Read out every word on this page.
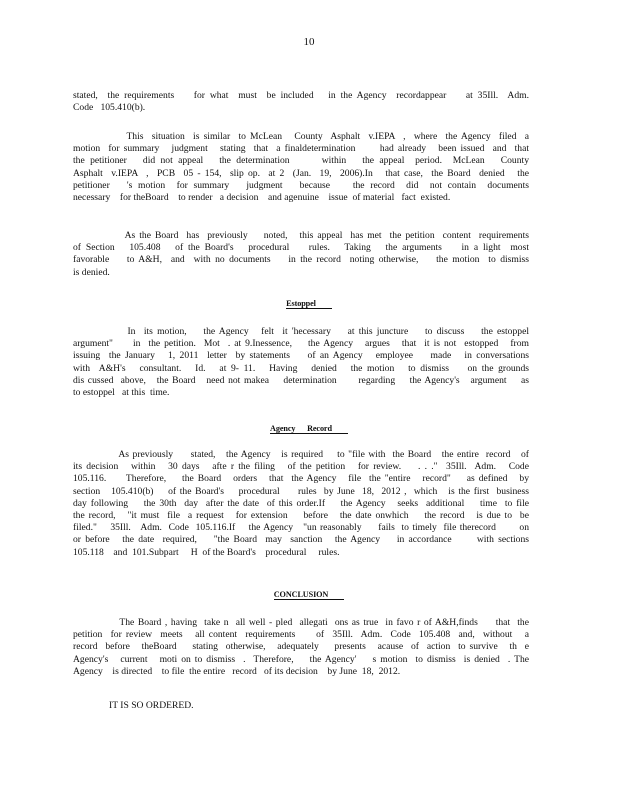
10
stated,  the requirements    for what  must  be included   in the Agency  recordappear    at 35Ill.  Adm.
Code   105.410(b).
This  situation  is similar  to McLean   County  Asphalt  v.IEPA  ,  where  the Agency  filed  a
motion  for summary   judgment   stating  that  a finaldetermination      had already   been issued  and  that
the petitioner   did not appeal   the determination      within   the appeal  period.  McLean   County
Asphalt  v.IEPA  ,  PCB  05 - 154,  slip op.  at 2  (Jan.  19,  2006).In   that case,  the Board  denied   the
petitioner   's motion  for summary   judgment   because    the record  did  not contain  documents
necessary    for theBoard    to render   a decision    and agenuine    issue  of material   fact  existed.
As the Board  has  previously    noted,   this appeal  has met  the petition  content  requirements
of Section   105.408   of the Board's   procedural    rules.   Taking   the arguments    in a light  most
favorable    to A&H,  and  with no documents    in the record  noting otherwise,    the motion  to dismiss
is denied.
Estoppel
In  its motion,    the Agency   felt  it 'hecessary    at this juncture    to discuss    the estoppel
argument"     in  the petition.  Mot  . at 9.Inessence,    the Agency   argues   that  it is not  estopped   from
issuing  the January   1, 2011  letter  by statements    of an Agency   employee    made   in conversations
with  A&H's   consultant.   Id.   at 9- 11.   Having   denied   the motion   to dismiss    on the grounds
dis cussed  above,   the Board   need not makea    determination      regarding    the Agency's   argument    as
to estoppel   at this  time.
Agency Record
As previously     stated,   the Agency   is required    to "file with  the Board   the entire  record   of
its decision   within   30 days   afte r the filing   of the petition   for review.    . . ."  35Ill.  Adm.   Code
105.116.     Therefore,    the Board   orders   that  the Agency   file  the "entire   record"    as defined   by
section   105.410(b)    of the Board's    procedural     rules  by June  18,  2012 ,  which   is the first  business
day following    the 30th  day  after the date  of this order.If    the Agency   seeks  additional    time  to file
the record,   "it must  file  a request   for extension    before   the date onwhich    the record   is due to  be
filed."    35Ill.   Adm.  Code  105.116.If    the Agency   "un reasonably     fails  to timely  file therecord       on
or before   the date  required,    "the Board  may  sanction   the Agency    in accordance      with sections
105.118    and  101.Subpart     H  of the Board's    procedural     rules.
CONCLUSION
The Board , having  take n  all well - pled  allegati  ons as true  in favo r of A&H,finds     that  the
petition  for review  meets   all content  requirements     of  35Ill.  Adm.  Code  105.408  and,  without   a
record  before   theBoard    stating  otherwise,   adequately    presents   acause  of  action  to survive   th  e
Agency's   current   moti on to dismiss  .  Therefore,    the Agency'    s motion  to dismiss  is denied  . The
Agency    is directed    to file  the entire   record   of its decision    by June  18,  2012.
IT IS SO ORDERED.
